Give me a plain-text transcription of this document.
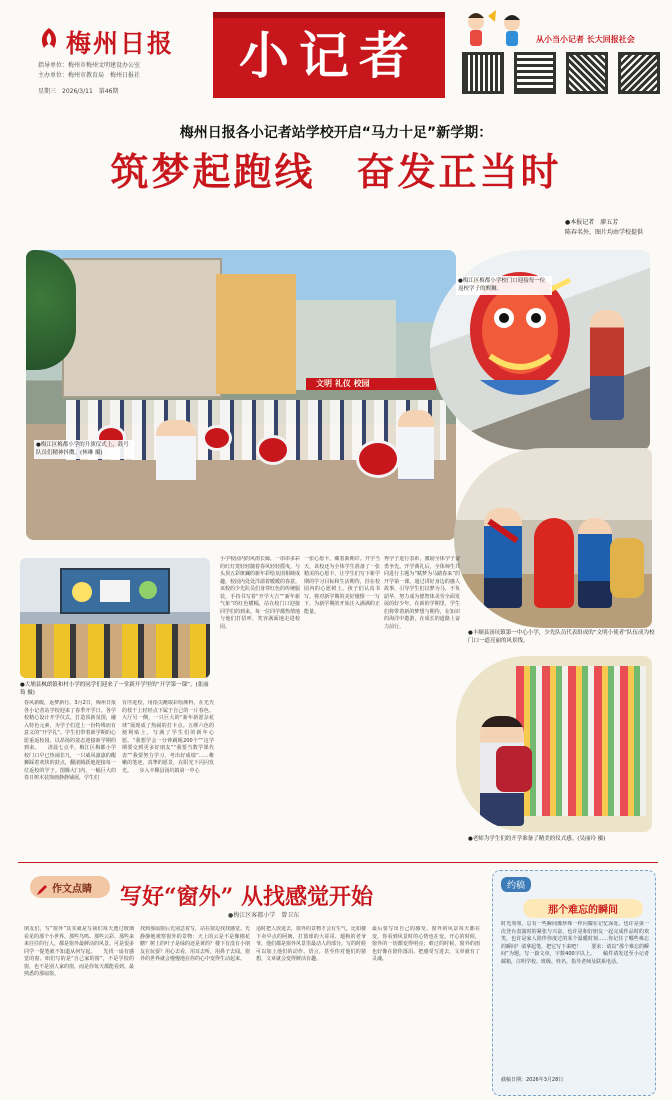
梅州日报
指导单位：梅州市梅州文明建设办公室
主办单位：梅州市教育局　梅州日报社
星期三　2026/3/11　第46期
小记者	从小当小记者 长大回报社会
梅州日报各小记者站学校开启“马力十足”新学期：
筑梦起跑线　奋发正当时
●本报记者　廖五芳
陈春名外，图片均由学校提供
文明 礼仪 校园
●梅江区梅都小学的升旗仪式上，鼓号队员们精神抖擞。(林琳 摄)
●梅江区梅都小学校门口迎接每一位返校学子的醒狮。
●丰顺县汤坑镇第一中心小学，少先队员代表组成的“文明小使者”队伍成为校门口一道亮丽的风景线。
●大埔县枫朗镇和村小学的同学们迎来了一堂新开学里的“开学第一课”。(张丽筠 摄)
●老师为学生们的开学准备了精美的仪式感。(吴丽玲 摄)
春风新暖，返梦新行。3月2日，梅州日报各小记者站学校迎来了春季开学日。各学校精心设计开学仪式，打造顶新氛围，融入特色元素，为学子们送上一份特殊而有意义的“开学礼”。学生们带着新学期的心愿重返校园，以昂扬的姿态迎接新学期的到来。　　清晨七点半，梅江区梅都小学校门口早已热闹非凡，一只威风凛凛的醒狮踩着欢快的鼓点，翻滚腾跃地迎接每一位返校的学子。图腾大门内，一幅巨大的春日树木装饰画静静铺展，学生们
有序进校，用指尖蘸取彩绘颜料，在光秃的枝干上轻轻点下属于自己的一片春色。大厅另一侧，一只巨大的“新年新愿杂花球”展现成了热闹的打卡点。五颜六色的便利贴上，写满了学生们的新年心愿。“我想学会一分钟跳绳200个”“这学期要交到更多好朋友”“我要当数学课代表”“我要努力学习，考出好成绩”……稚嫩的笔迹，真挚的愿景，在阳光下闪闪发光。　　步入丰顺县汤坑镇第一中心
小学校园内的风雨长廊，一串串多彩的红灯笼轻轻随着春风轻轻摇曳，与头顶五彩斑斓的新年彩绘氛围相映成趣，校园内处处洋溢着暖暖的春意。该校的少先队员们身穿红色的传统服装，手持书写着“开学大吉”“新年新气象”的红色横幅，站在校门口迎接同学们的到来。每一位同学都热情地与他们打招呼，笑容满面地走进校园。
一张心愿卡，藏着新期许。开学当天，该校还为全体学生准备了一张精美的心愿卡，让学生们写下新学期的学习目标和生活期待，挂在校园内的心愿树上。孩子们认真书写，将对新学期的美好憧憬一一写下，为新学期的开始注入满满的正能量。
秀学子进行表彰，激励全体学子奋勇争先。开学典礼后，全体师生共同进行主题为“赋梦为马踏春来”的开学第一课。通过讲好身边的感人故事，引导学生们以梦为马，不负韶华，努力成为德智体美劳全面发展的好少年。在新的学期里，学生们将带着新的梦想与期待，在知识的海洋中遨游，在成长的道路上奋力前行。
作文点睛 写好“窗外” 从找感觉开始
●梅江区客都小学　曾卫东
朋友们，写“窗外”其实就是写我们每天透过玻璃看见的那个小世界。那些鸟鸣、那些云彩、那些来来往往的行人，都是窗外最鲜活的风景。可是很多同学一提笔就不知道从何写起。　　先找一扇有感觉的窗。咱们写的是“自己家的窗”，不是学校的窗，也不是别人家的窗，而是你每天都能看到、最熟悉的那扇窗。
找到那扇窗后先别急着写，站在窗边找找感觉。先静静地观察窗外的景物：天上的云是不是像棉花糖？树上的叶子是绿的还是黄的？楼下有没有小朋友在玩耍？用心去看，用耳去听，用鼻子去闻，窗外的世界就会慢慢地在你的心中变得生动起来。
适时把人放进去，窗外的景物才会有生气。比如楼下卖早点的阿姨、打篮球的大哥哥、遛狗的老爷爷，他们都是窗外风景里最动人的部分。写的时候可以加上他们的动作、语言，甚至你对他们的猜想，文章就会变得鲜活有趣。
最后要写出自己的感受。窗外的风景每天都在变，你看到风景时的心情也在变。开心的时候，窗外的一切都变得明亮；难过的时候，窗外的雨也好像在陪你落泪。把感受写进去，文章就有了灵魂。
约稿
那个难忘的瞬间
时光匆匆，总有一些瞬间像珍珠一样闪耀在记忆深处。也许是第一次登台表演时的紧张与兴奋，也许是和好朋友一起完成作品时的欢笑，也许是家人陪伴你度过的某个温暖时刻……你记住了哪些难忘的瞬间？请拿起笔，把它写下来吧！　　要求：请以“那个难忘的瞬间”为题，写一篇文章，字数400字以上。　　稿件请发送至小记者邮箱，注明学校、班级、姓名、指导老师及联系电话。
截稿日期：2026年3月28日
